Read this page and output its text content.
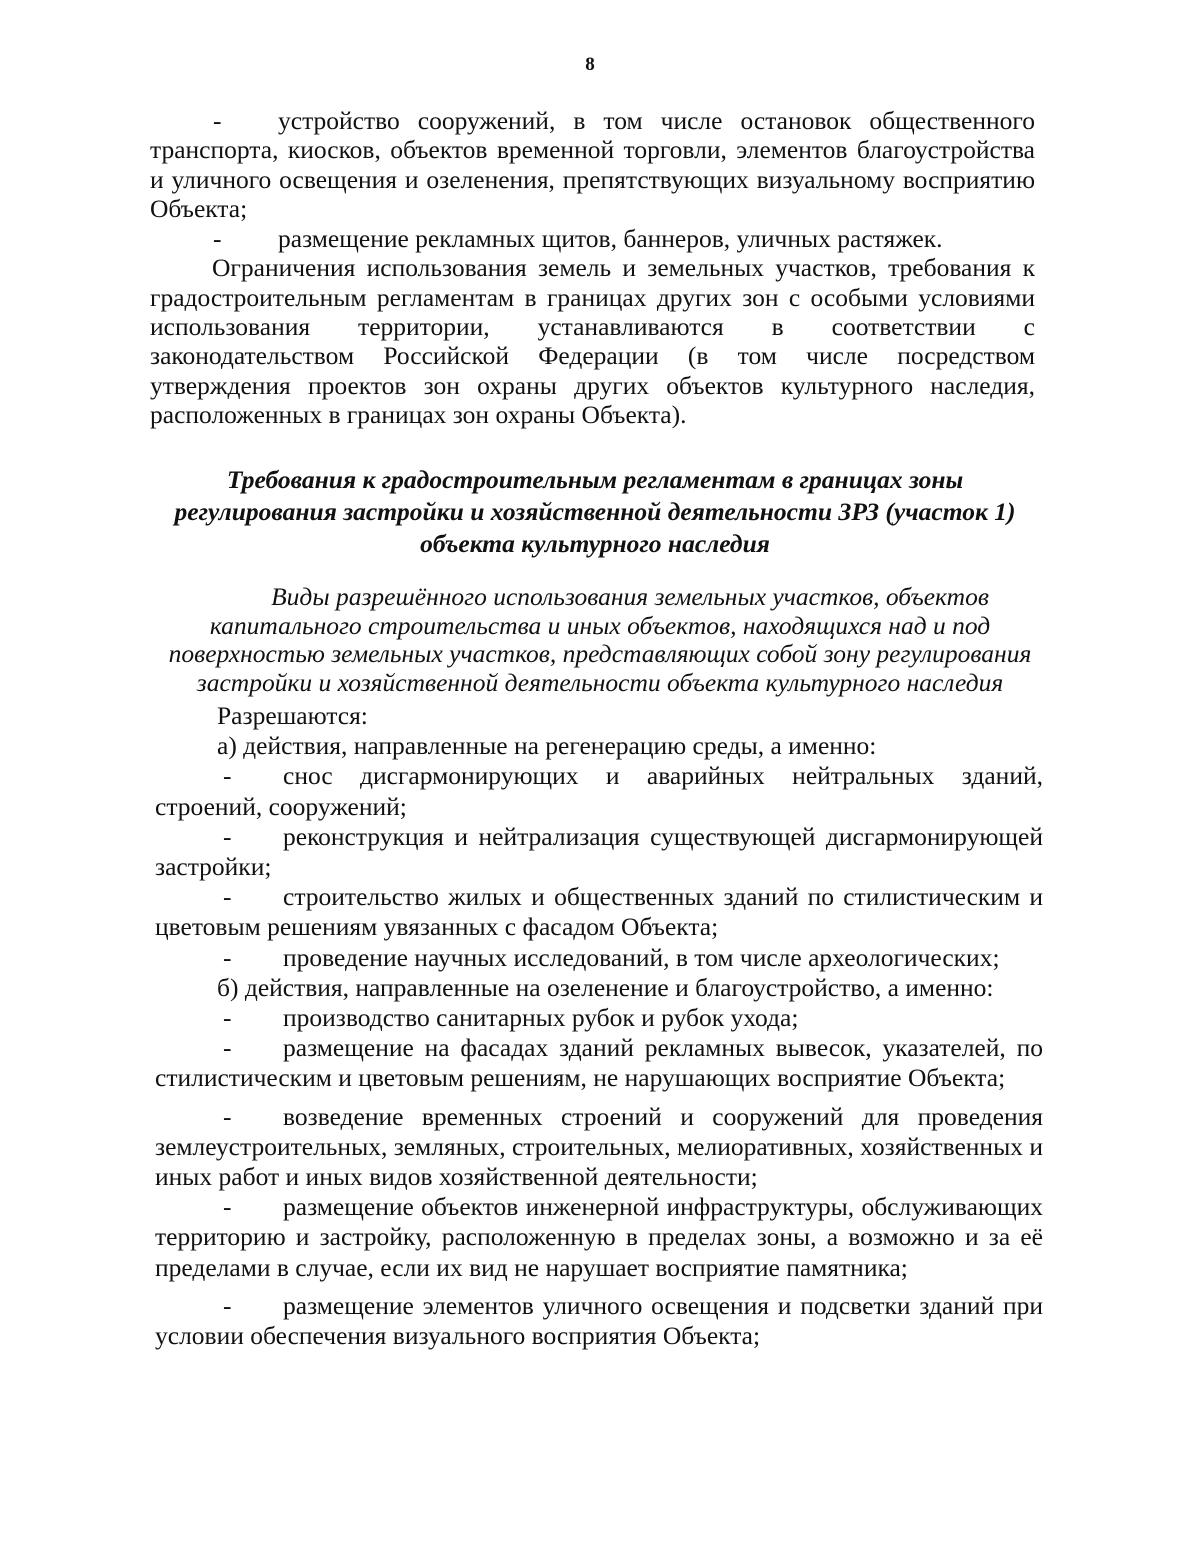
8

- устройство сооружений, в том числе остановок общественного транспорта, киосков, объектов временной торговли, элементов благоустройства и уличного освещения и озеленения, препятствующих визуальному восприятию Объекта;

- размещение рекламных щитов, баннеров, уличных растяжек.

Ограничения использования земель и земельных участков, требования к градостроительным регламентам в границах других зон с особыми условиями использования территории, устанавливаются в соответствии с законодательством Российской Федерации (в том числе посредством утверждения проектов зон охраны других объектов культурного наследия, расположенных в границах зон охраны Объекта).

Требования к градостроительным регламентам в границах зоны

регулирования застройки и хозяйственной деятельности ЗРЗ (участок 1)

объекта культурного наследия

Виды разрешённого использования земельных участков, объектов

капитального строительства и иных объектов, находящихся над и под

поверхностью земельных участков, представляющих собой зону регулирования

застройки и хозяйственной деятельности объекта культурного наследия

Разрешаются:

а) действия, направленные на регенерацию среды, а именно:

- снос дисгармонирующих и аварийных нейтральных зданий, строений, сооружений;

- реконструкция и нейтрализация существующей дисгармонирующей застройки;

- строительство жилых и общественных зданий по стилистическим и цветовым решениям увязанных с фасадом Объекта;

- проведение научных исследований, в том числе археологических;

б) действия, направленные на озеленение и благоустройство, а именно:

- производство санитарных рубок и рубок ухода;

- размещение на фасадах зданий рекламных вывесок, указателей, по стилистическим и цветовым решениям, не нарушающих восприятие Объекта;

- возведение временных строений и сооружений для проведения землеустроительных, земляных, строительных, мелиоративных, хозяйственных и иных работ и иных видов хозяйственной деятельности;

- размещение объектов инженерной инфраструктуры, обслуживающих территорию и застройку, расположенную в пределах зоны, а возможно и за её пределами в случае, если их вид не нарушает восприятие памятника;

- размещение элементов уличного освещения и подсветки зданий при условии обеспечения визуального восприятия Объекта;
